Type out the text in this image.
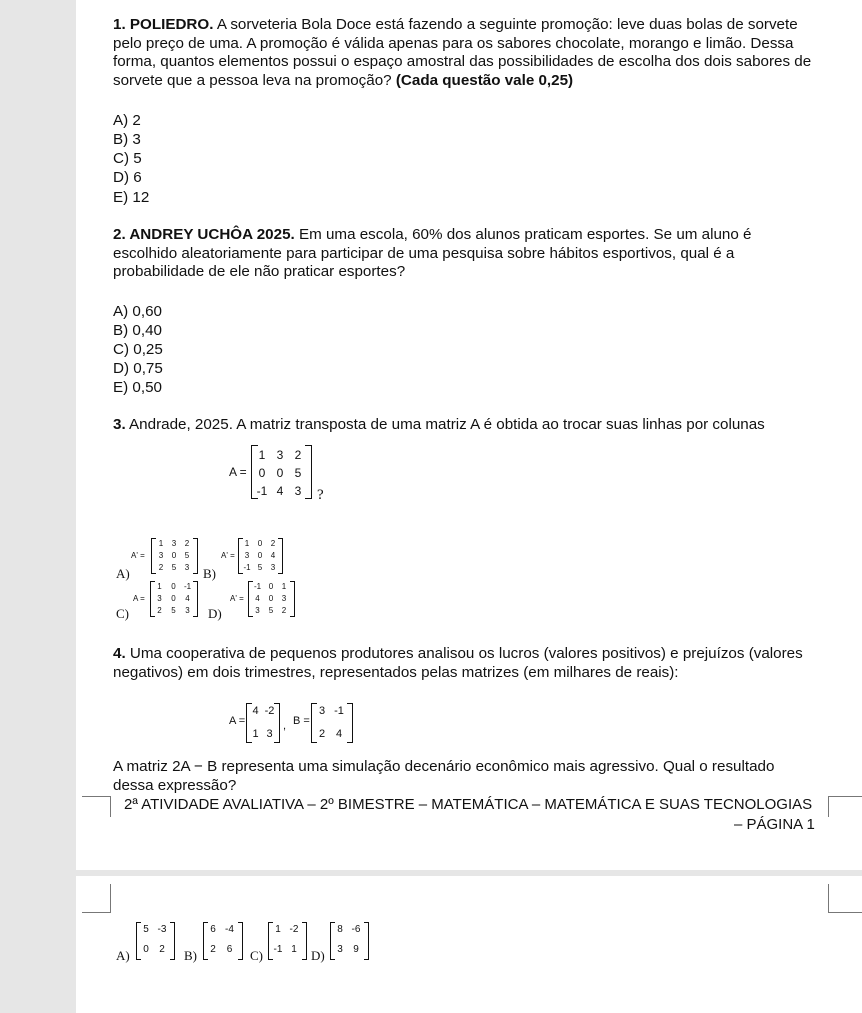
1. POLIEDRO. A sorveteria Bola Doce está fazendo a seguinte promoção: leve duas bolas de sorvete pelo preço de uma. A promoção é válida apenas para os sabores chocolate, morango e limão. Dessa forma, quantos elementos possui o espaço amostral das possibilidades de escolha dos dois sabores de sorvete que a pessoa leva na promoção? (Cada questão vale 0,25)
A) 2
B) 3
C) 5
D) 6
E) 12
2. ANDREY UCHÔA 2025. Em uma escola, 60% dos alunos praticam esportes. Se um aluno é escolhido aleatoriamente para participar de uma pesquisa sobre hábitos esportivos, qual é a probabilidade de ele não praticar esportes?
A) 0,60
B) 0,40
C) 0,25
D) 0,75
E) 0,50
3. Andrade, 2025. A matriz transposta de uma matriz A é obtida ao trocar suas linhas por colunas
A =
1 3 2
0 0 5
-1 4 3 ?
A)
A' =
1	3	2
3	0	5
2	5	3 B)
A' =
1	0	2
3	0	4
-1 5	3
C)
A =
1	0	-1
3	0	4
2	5	3	D)
A' =
-1 0	1
4	0	3
3	5	2
4. Uma cooperativa de pequenos produtores analisou os lucros (valores positivos) e prejuízos (valores negativos) em dois trimestres, representados pelas matrizes (em milhares de reais):
A =
4 -2
1 3
, B =
3 -1
2 4
A matriz 2A − B representa uma simulação decenário econômico mais agressivo. Qual o resultado dessa expressão?
2ª ATIVIDADE AVALIATIVA – 2º BIMESTRE – MATEMÁTICA – MATEMÁTICA E SUAS TECNOLOGIAS
– PÁGINA 1
A)
5 -3
0	2	B)
6 -4
2	6	C)
1 -2
-1 1	D)
8 -6
3	9
